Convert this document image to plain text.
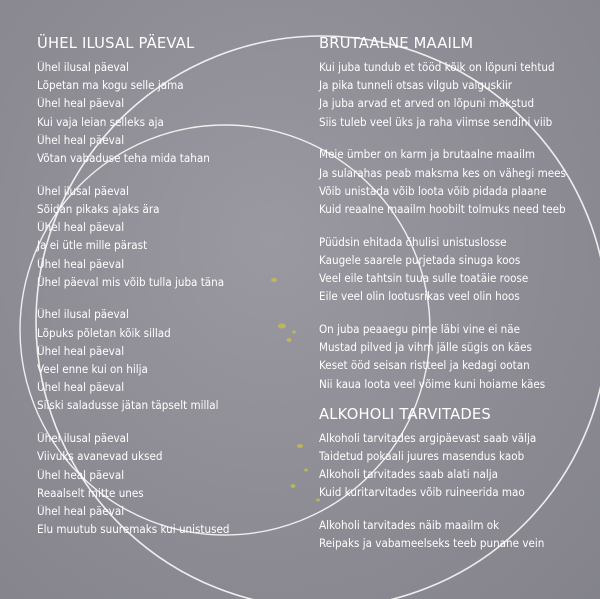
ÜHEL ILUSAL PÄEVAL
Ühel ilusal päeval
Lõpetan ma kogu selle jama
Ühel heal päeval
Kui vaja leian selleks aja
Ühel heal päeval
Võtan vabaduse teha mida tahan
Ühel ilusal päeval
Sõidan pikaks ajaks ära
Ühel heal päeval
Ja ei ütle mille pärast
Ühel heal päeval
Ühel päeval mis võib tulla juba täna
Ühel ilusal päeval
Lõpuks põletan kõik sillad
Ühel heal päeval
Veel enne kui on hilja
Ühel heal päeval
Siiski saladusse jätan täpselt millal
Ühel ilusal päeval
Viivuks avanevad uksed
Ühel heal päeval
Reaalselt mitte unes
Ühel heal päeval
Elu muutub suuremaks kui unistused
BRUTAALNE MAAILM
Kui juba tundub et tööd kõik on lõpuni tehtud
Ja pika tunneli otsas vilgub valguskiir
Ja juba arvad et arved on lõpuni makstud
Siis tuleb veel üks ja raha viimse sendini viib
Meie ümber on karm ja brutaalne maailm
Ja sularahas peab maksma kes on vähegi mees
Võib unistada võib loota võib pidada plaane
Kuid reaalne maailm hoobilt tolmuks need teeb
Püüdsin ehitada õhulisi unistuslosse
Kaugele saarele purjetada sinuga koos
Veel eile tahtsin tuua sulle toatäie roose
Eile veel olin lootusrikas veel olin hoos
On juba peaaegu pime läbi vine ei näe
Mustad pilved ja vihm jälle sügis on käes
Keset ööd seisan ristteel ja kedagi ootan
Nii kaua loota veel võime kuni hoiame käes
ALKOHOLI TARVITADES
Alkoholi tarvitades argipäevast saab välja
Taidetud pokaali juures masendus kaob
Alkoholi tarvitades saab alati nalja
Kuid kuritarvitades võib ruineerida mao
Alkoholi tarvitades näib maailm ok
Reipaks ja vabameelseks teeb punane vein
